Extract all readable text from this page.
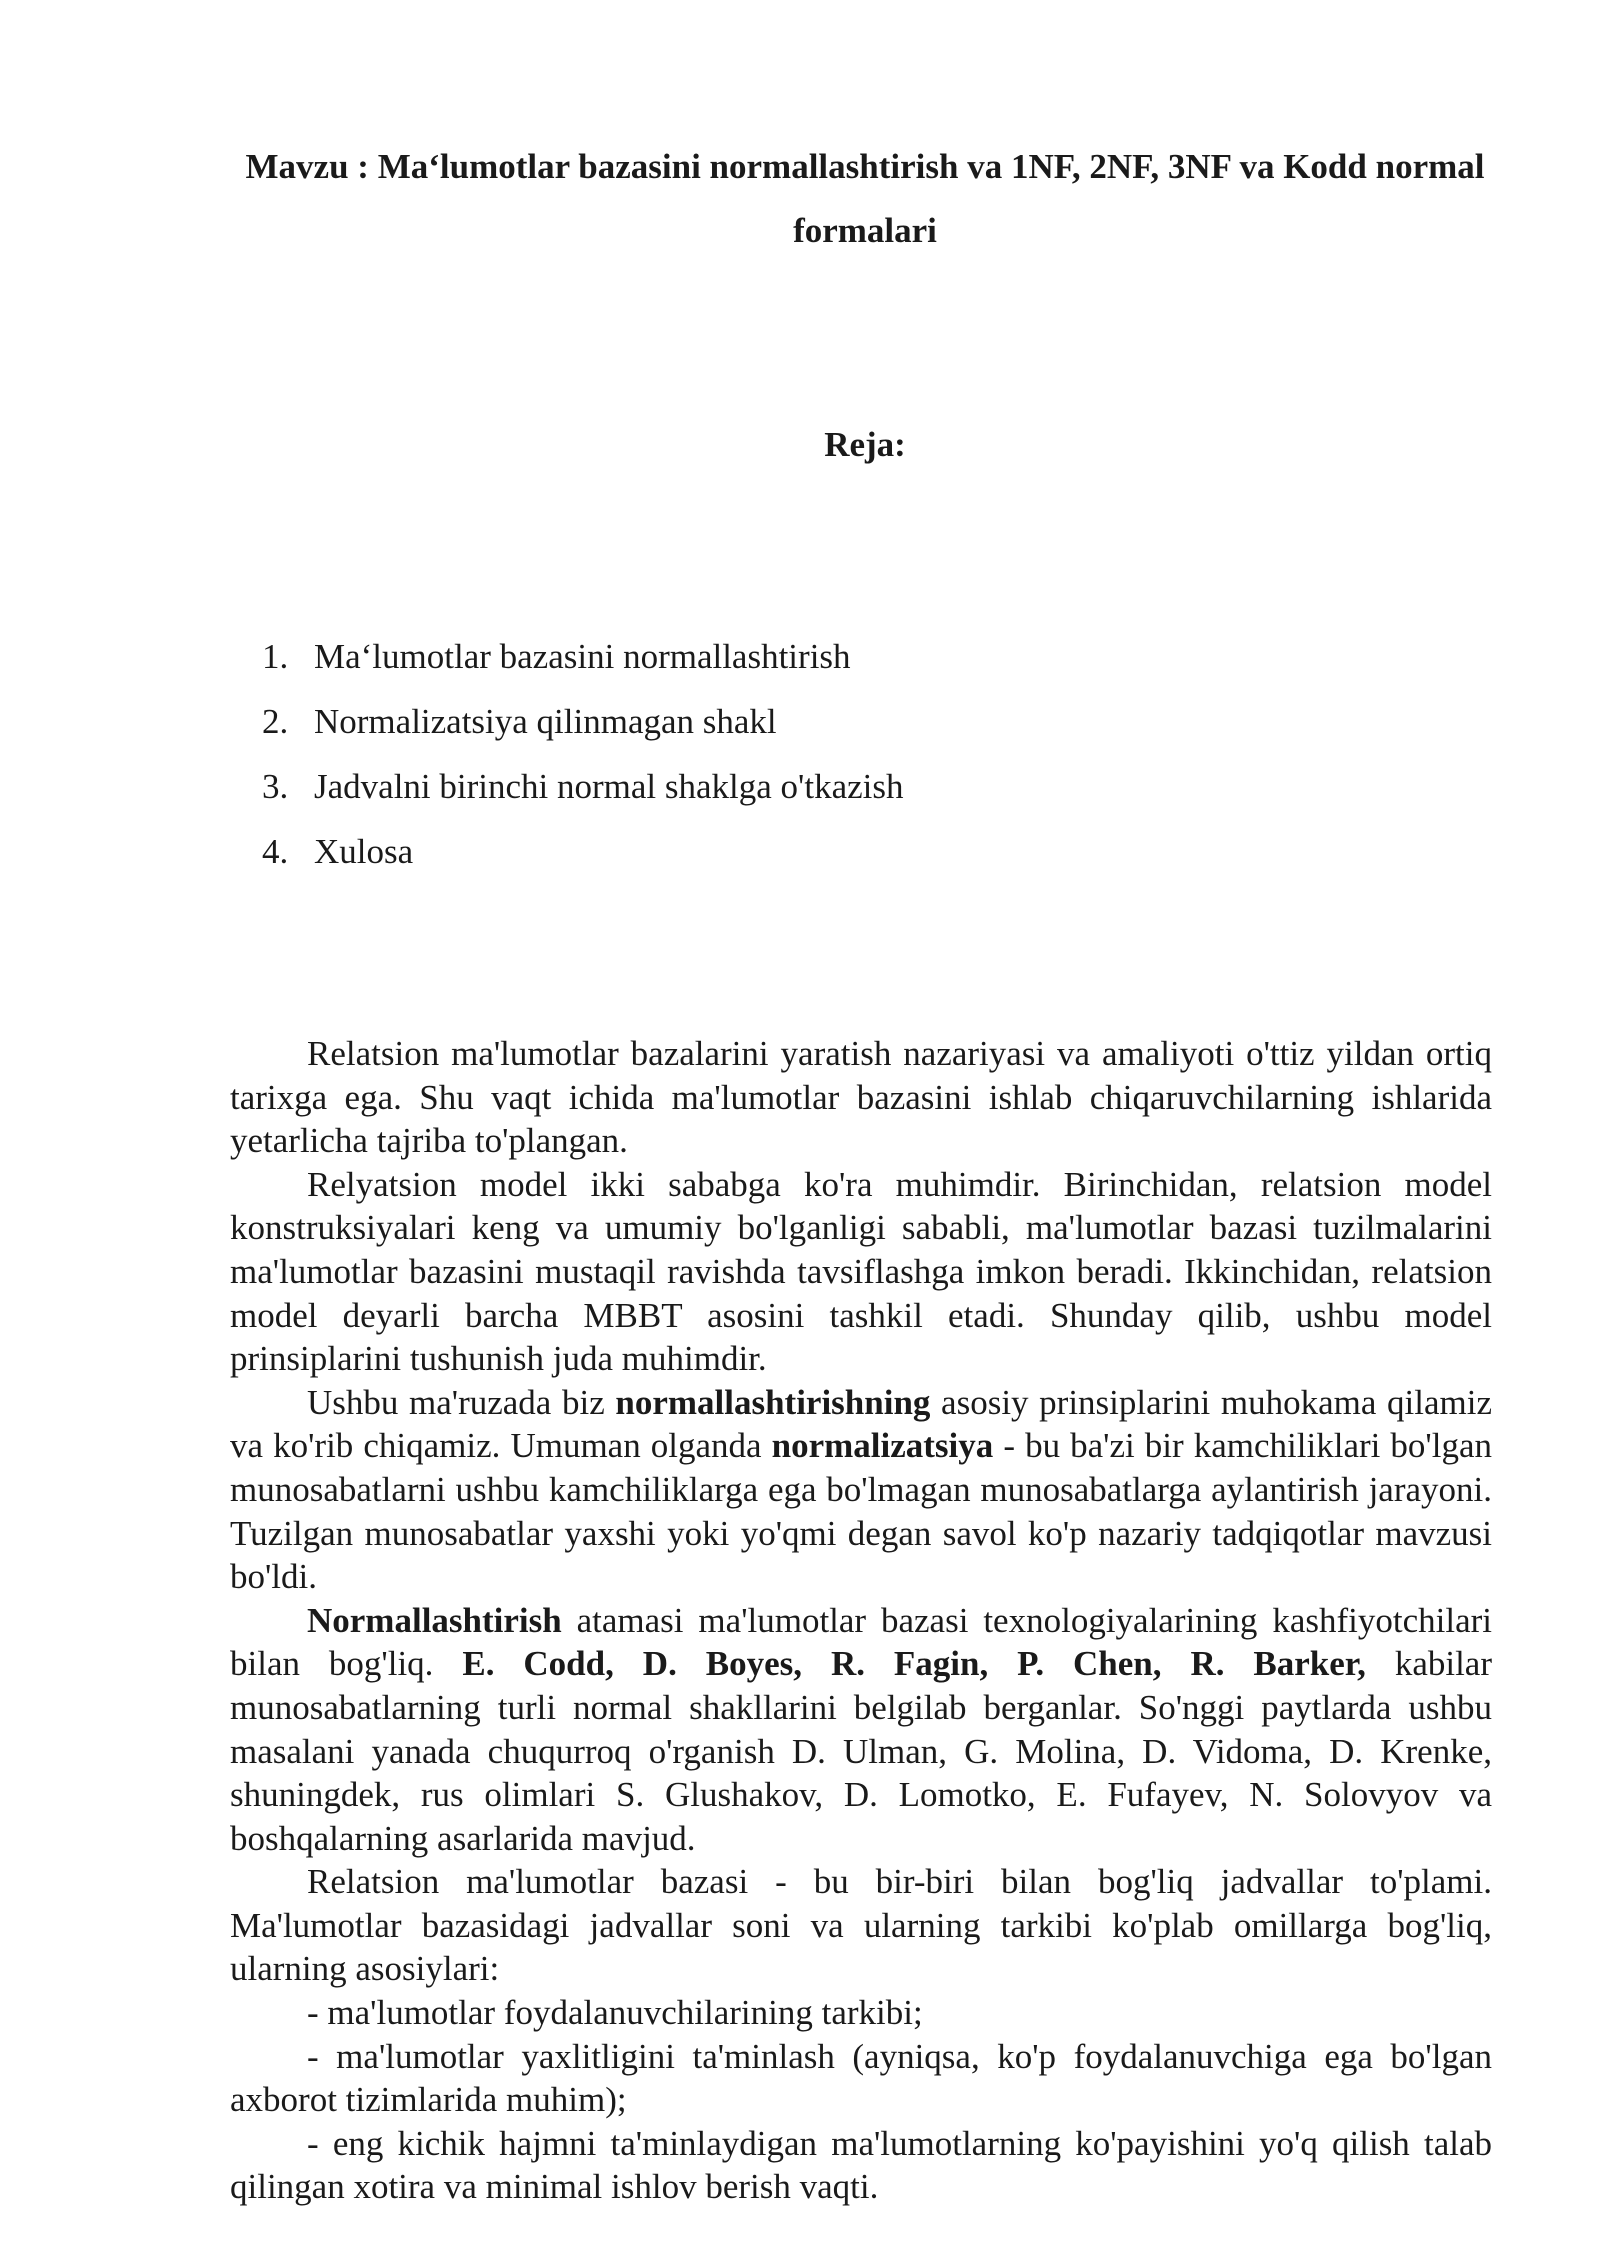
Mavzu : Ma‘lumotlar bazasini normallashtirish va 1NF, 2NF, 3NF va Kodd normal formalari
Reja:
1. Ma‘lumotlar bazasini normallashtirish
2. Normalizatsiya qilinmagan shakl
3. Jadvalni birinchi normal shaklga o'tkazish
4. Xulosa

Relatsion ma'lumotlar bazalarini yaratish nazariyasi va amaliyoti o'ttiz yildan ortiq tarixga ega. Shu vaqt ichida ma'lumotlar bazasini ishlab chiqaruvchilarning ishlarida yetarlicha tajriba to'plangan.

Relyatsion model ikki sababga ko'ra muhimdir. Birinchidan, relatsion model konstruksiyalari keng va umumiy bo'lganligi sababli, ma'lumotlar bazasi tuzilmalarini ma'lumotlar bazasini mustaqil ravishda tavsiflashga imkon beradi. Ikkinchidan, relatsion model deyarli barcha MBBT asosini tashkil etadi. Shunday qilib, ushbu model prinsiplarini tushunish juda muhimdir.

Ushbu ma'ruzada biz normallashtirishning asosiy prinsiplarini muhokama qilamiz va ko'rib chiqamiz. Umuman olganda normalizatsiya - bu ba'zi bir kamchiliklari bo'lgan munosabatlarni ushbu kamchiliklarga ega bo'lmagan munosabatlarga aylantirish jarayoni. Tuzilgan munosabatlar yaxshi yoki yo'qmi degan savol ko'p nazariy tadqiqotlar mavzusi bo'ldi.

Normallashtirish atamasi ma'lumotlar bazasi texnologiyalarining kashfiyotchilari bilan bog'liq. E. Codd, D. Boyes, R. Fagin, P. Chen, R. Barker, kabilar munosabatlarning turli normal shakllarini belgilab berganlar. So'nggi paytlarda ushbu masalani yanada chuqurroq o'rganish D. Ulman, G. Molina, D. Vidoma, D. Krenke, shuningdek, rus olimlari S. Glushakov, D. Lomotko, E. Fufayev, N. Solovyov va boshqalarning asarlarida mavjud.

Relatsion ma'lumotlar bazasi - bu bir-biri bilan bog'liq jadvallar to'plami. Ma'lumotlar bazasidagi jadvallar soni va ularning tarkibi ko'plab omillarga bog'liq, ularning asosiylari:

- ma'lumotlar foydalanuvchilarining tarkibi;

- ma'lumotlar yaxlitligini ta'minlash (ayniqsa, ko'p foydalanuvchiga ega bo'lgan axborot tizimlarida muhim);

- eng kichik hajmni ta'minlaydigan ma'lumotlarning ko'payishini yo'q qilish talab qilingan xotira va minimal ishlov berish vaqti.
